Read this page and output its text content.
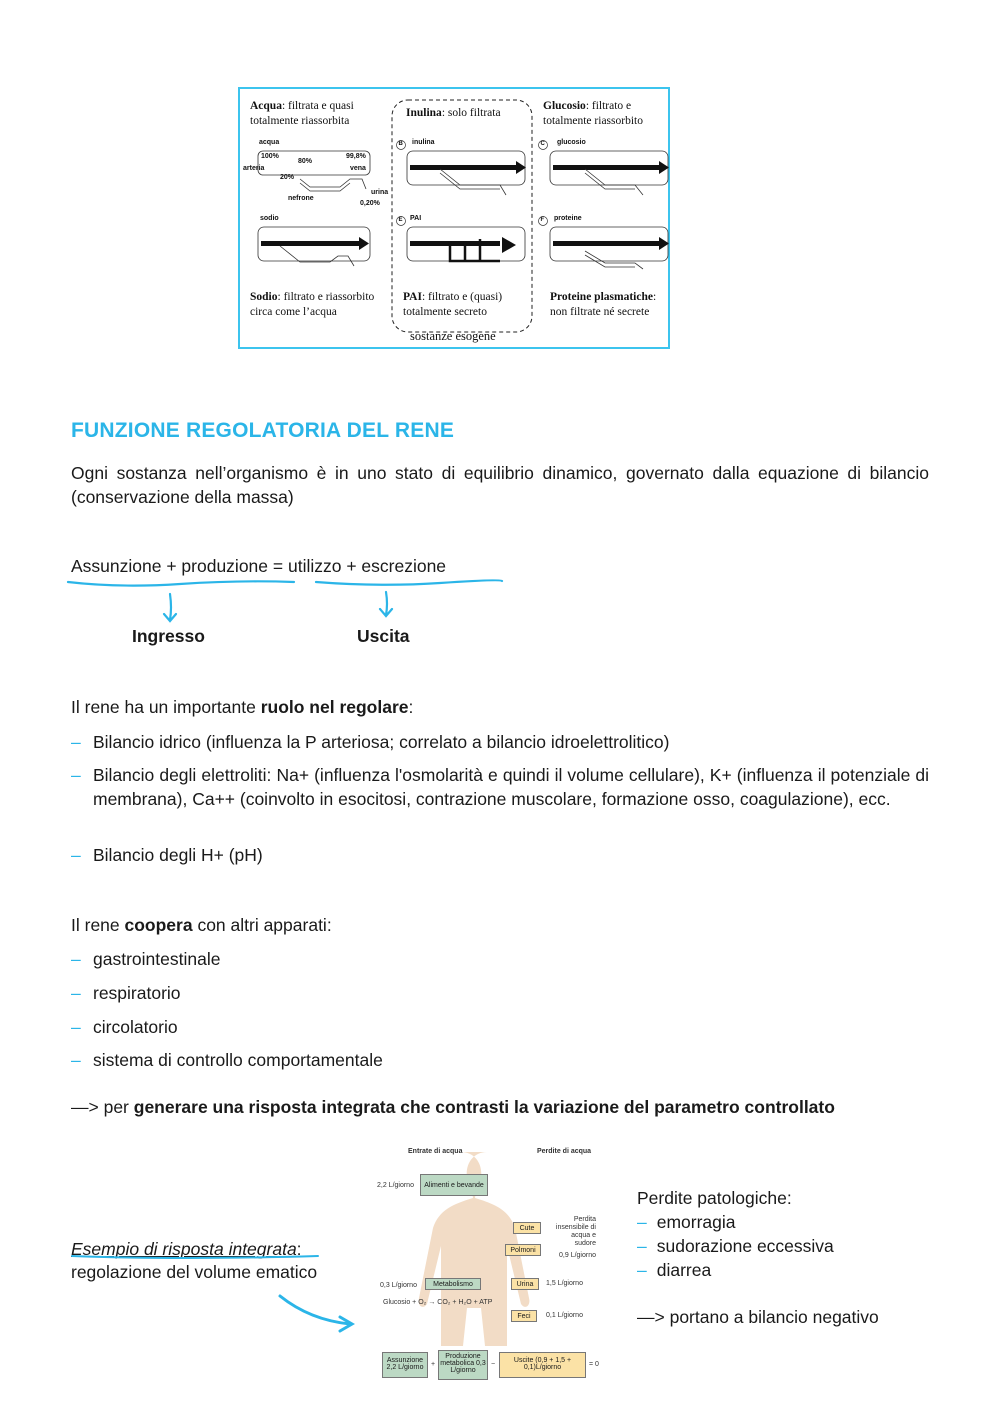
Acqua: filtrata e quasi totalmente riassorbita
Inulina: solo filtrata
Glucosio: filtrato e totalmente riassorbito
Sodio: filtrato e riassorbito circa come l’acqua
PAI: filtrato e (quasi) totalmente secreto
Proteine plasmatiche: non filtrate né secrete
sostanze esogene
acqua
100%
80%
99,8%
arteria	vena
20%
urina
nefrone
0,20%
B inulina	C glucosio
sodio	E PAI	F proteine
FUNZIONE REGOLATORIA DEL RENE
Ogni sostanza nell’organismo è in uno stato di equilibrio dinamico, governato dalla equazione di bilancio (conservazione della massa)
Assunzione + produzione = utilizzo + escrezione
Ingresso	Uscita
Il rene ha un importante ruolo nel regolare:
– Bilancio idrico (influenza la P arteriosa; correlato a bilancio idroelettrolitico)
– Bilancio degli elettroliti: Na+ (influenza l'osmolarità e quindi il volume cellulare), K+ (influenza il potenziale di membrana), Ca++ (coinvolto in esocitosi, contrazione muscolare, formazione osso, coagulazione), ecc.
– Bilancio degli H+ (pH)
Il rene coopera con altri apparati:
– gastrointestinale
– respiratorio
– circolatorio
– sistema di controllo comportamentale
—> per generare una risposta integrata che contrasti la variazione del parametro controllato
Esempio di risposta integrata:
regolazione del volume ematico
Entrate di acqua	Perdite di acqua
2,2 L/giorno	Alimenti e bevande
Cute
Polmoni
Perdita insensibile di acqua e sudore
0,9 L/giorno
0,3 L/giorno	Metabolismo	Urina	1,5 L/giorno
Glucosio + O₂ → CO₂ + H₂O + ATP
Feci	0,1 L/giorno
Assunzione 2,2 L/giorno	+
Produzione metabolica 0,3 L/giorno
−
Uscite (0,9 + 1,5 + 0,1)L/giorno	= 0
Perdite patologiche:
– emorragia
– sudorazione eccessiva
– diarrea
—> portano a bilancio negativo
